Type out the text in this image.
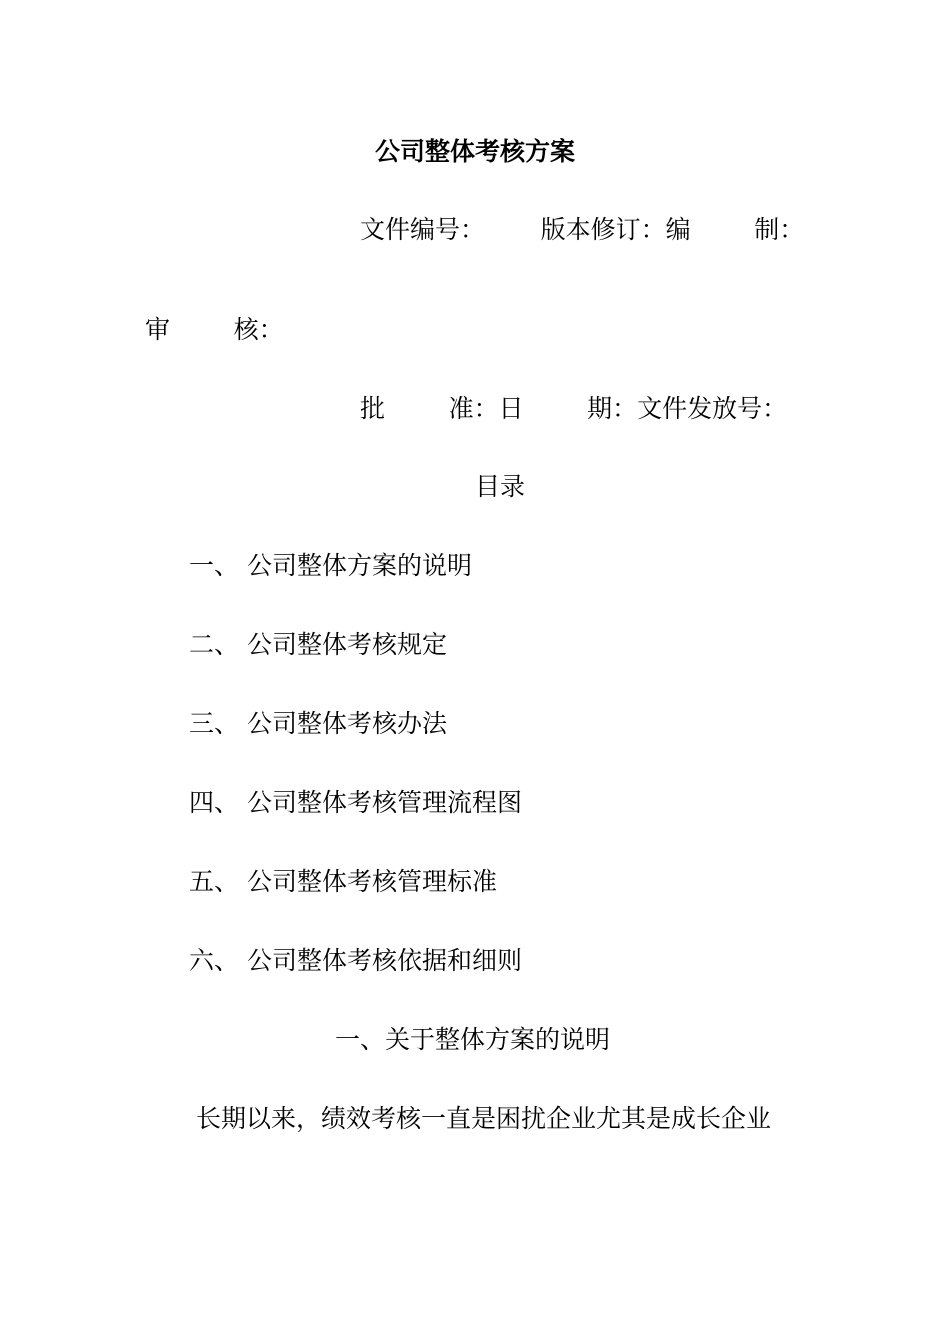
公司整体考核方案
文件编号：       版本修订：编        制：
审        核：
批        准：日        期：文件发放号：
目录
一、 公司整体方案的说明
二、 公司整体考核规定
三、 公司整体考核办法
四、 公司整体考核管理流程图
五、 公司整体考核管理标准
六、 公司整体考核依据和细则
一、关于整体方案的说明
长期以来，绩效考核一直是困扰企业尤其是成长企业
